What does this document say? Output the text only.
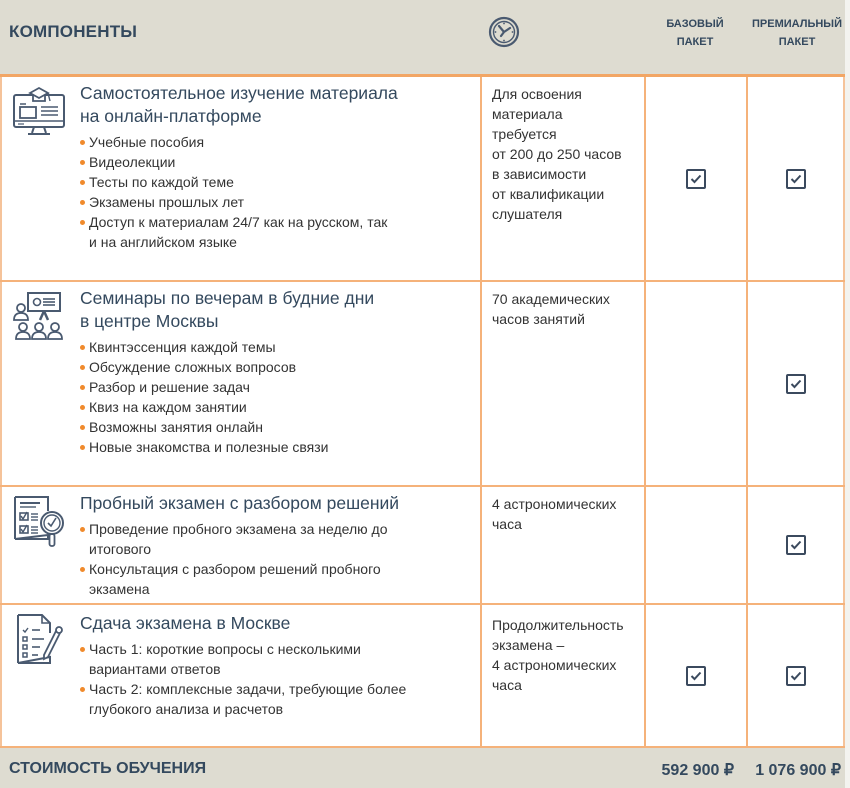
КОМПОНЕНТЫ	БАЗОВЫЙ
ПАКЕТ
ПРЕМИАЛЬНЫЙ
ПАКЕТ
Самостоятельное изучение материала
на онлайн-платформе
Учебные пособия
Видеолекции
Тесты по каждой теме
Экзамены прошлых лет
Доступ к материалам 24/7 как на русском, так и на английском языке
Для освоения
материала
требуется
от 200 до 250 часов
в зависимости
от квалификации
слушателя
Семинары по вечерам в будние дни
в центре Москвы
Квинтэссенция каждой темы
Обсуждение сложных вопросов
Разбор и решение задач
Квиз на каждом занятии
Возможны занятия онлайн
Новые знакомства и полезные связи
70 академических
часов занятий
Пробный экзамен с разбором решений
Проведение пробного экзамена за неделю до итогового
Консультация с разбором решений пробного экзамена
4 астрономических
часа
Сдача экзамена в Москве
Часть 1: короткие вопросы с несколькими вариантами ответов
Часть 2: комплексные задачи, требующие более глубокого анализа и расчетов
Продолжительность
экзамена –
4 астрономических
часа
СТОИМОСТЬ ОБУЧЕНИЯ	592 900 ₽ 1 076 900 ₽
